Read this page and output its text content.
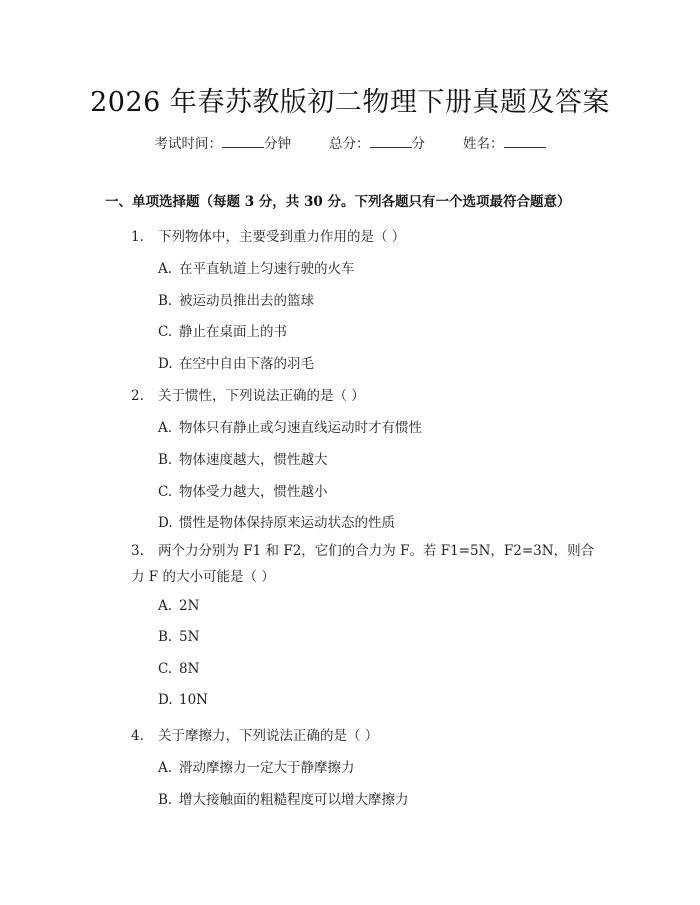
2026 年春苏教版初二物理下册真题及答案
考试时间：	分钟	总分：	分	姓名：
一、单项选择题（每题 3 分，共 30 分。下列各题只有一个选项最符合题意）
1. 下列物体中，主要受到重力作用的是（ ）
A. 在平直轨道上匀速行驶的火车
B. 被运动员推出去的篮球
C. 静止在桌面上的书
D. 在空中自由下落的羽毛
2. 关于惯性，下列说法正确的是（ ）
A. 物体只有静止或匀速直线运动时才有惯性
B. 物体速度越大，惯性越大
C. 物体受力越大，惯性越小
D. 惯性是物体保持原来运动状态的性质
3. 两个力分别为 F1 和 F2，它们的合力为 F。若 F1=5N，F2=3N，则合力 F 的大小可能是（ ）
A. 2N
B. 5N
C. 8N
D. 10N
4. 关于摩擦力，下列说法正确的是（ ）
A. 滑动摩擦力一定大于静摩擦力
B. 增大接触面的粗糙程度可以增大摩擦力
